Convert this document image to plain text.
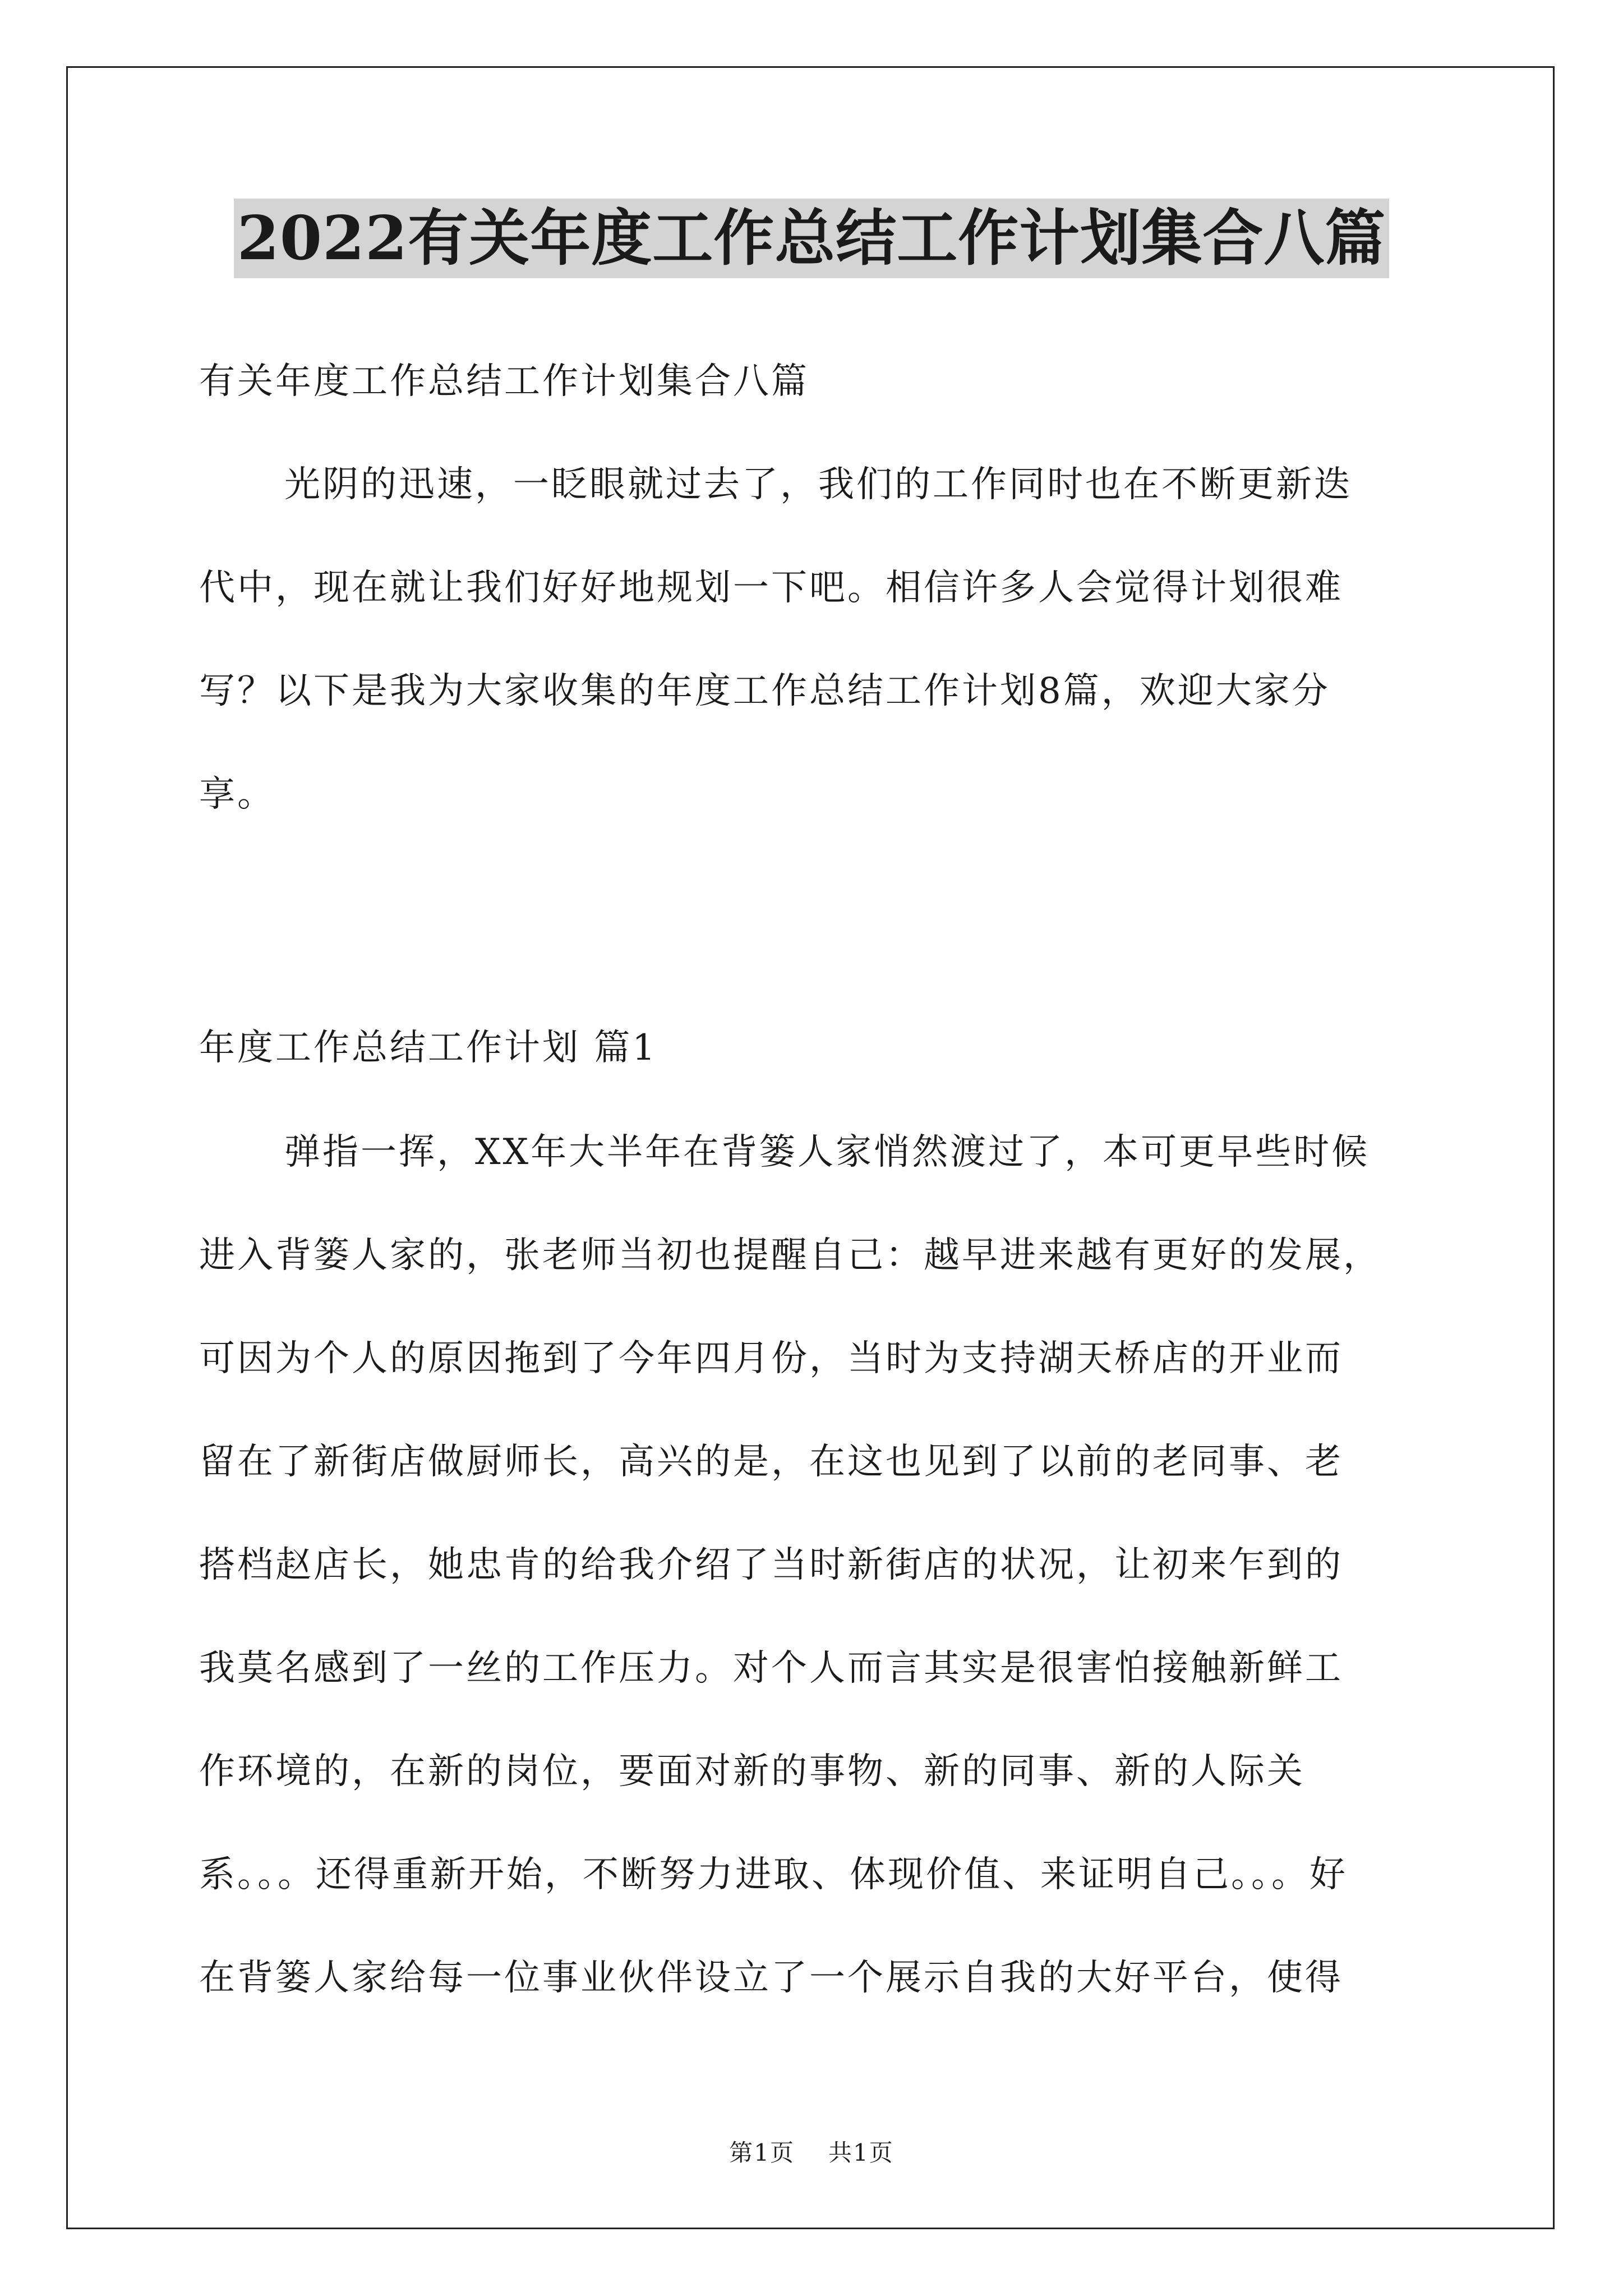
2022有关年度工作总结工作计划集合八篇
有关年度工作总结工作计划集合八篇
光阴的迅速，一眨眼就过去了，我们的工作同时也在不断更新迭
代中，现在就让我们好好地规划一下吧。相信许多人会觉得计划很难
写？以下是我为大家收集的年度工作总结工作计划8篇，欢迎大家分
享。
年度工作总结工作计划 篇1
弹指一挥，XX年大半年在背篓人家悄然渡过了，本可更早些时候
进入背篓人家的，张老师当初也提醒自己：越早进来越有更好的发展，
可因为个人的原因拖到了今年四月份，当时为支持湖天桥店的开业而
留在了新街店做厨师长，高兴的是，在这也见到了以前的老同事、老
搭档赵店长，她忠肯的给我介绍了当时新街店的状况，让初来乍到的
我莫名感到了一丝的工作压力。对个人而言其实是很害怕接触新鲜工
作环境的，在新的岗位，要面对新的事物、新的同事、新的人际关
系。。。还得重新开始，不断努力进取、体现价值、来证明自己。。。好
在背篓人家给每一位事业伙伴设立了一个展示自我的大好平台，使得
第1页 共1页
